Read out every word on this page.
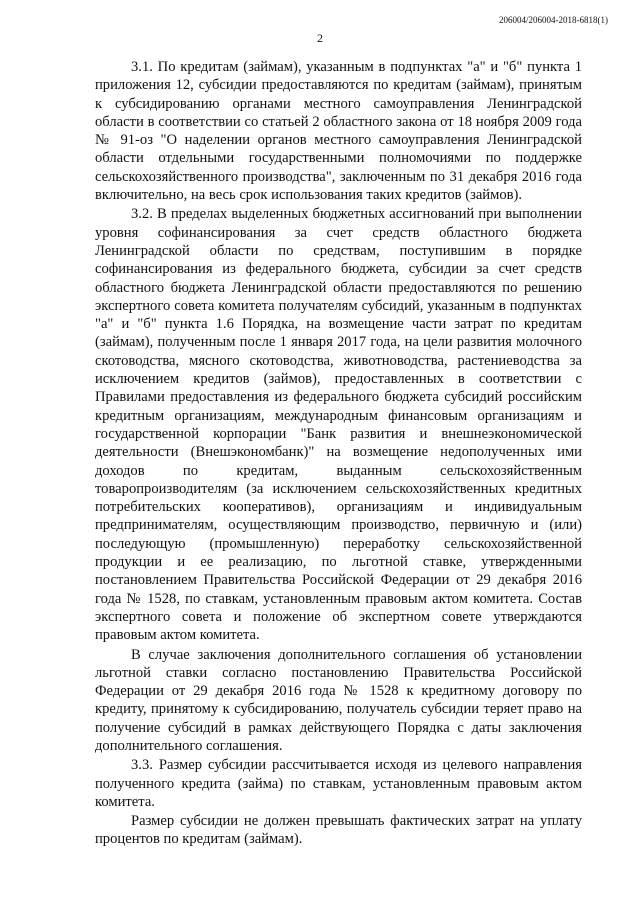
206004/206004-2018-6818(1)
2

3.1. По кредитам (займам), указанным в подпунктах "а" и "б" пункта 1 приложения 12, субсидии предоставляются по кредитам (займам), принятым к субсидированию органами местного самоуправления Ленинградской области в соответствии со статьей 2 областного закона от 18 ноября 2009 года № 91-оз "О наделении органов местного самоуправления Ленинградской области отдельными государственными полномочиями по поддержке сельскохозяйственного производства", заключенным по 31 декабря 2016 года включительно, на весь срок использования таких кредитов (займов).

3.2. В пределах выделенных бюджетных ассигнований при выполнении уровня софинансирования за счет средств областного бюджета Ленинградской области по средствам, поступившим в порядке софинансирования из федерального бюджета, субсидии за счет средств областного бюджета Ленинградской области предоставляются по решению экспертного совета комитета получателям субсидий, указанным в подпунктах "а" и "б" пункта 1.6 Порядка, на возмещение части затрат по кредитам (займам), полученным после 1 января 2017 года, на цели развития молочного скотоводства, мясного скотоводства, животноводства, растениеводства за исключением кредитов (займов), предоставленных в соответствии с Правилами предоставления из федерального бюджета субсидий российским кредитным организациям, международным финансовым организациям и государственной корпорации "Банк развития и внешнеэкономической деятельности (Внешэкономбанк)" на возмещение недополученных ими доходов по кредитам, выданным сельскохозяйственным товаропроизводителям (за исключением сельскохозяйственных кредитных потребительских кооперативов), организациям и индивидуальным предпринимателям, осуществляющим производство, первичную и (или) последующую (промышленную) переработку сельскохозяйственной продукции и ее реализацию, по льготной ставке, утвержденными постановлением Правительства Российской Федерации от 29 декабря 2016 года № 1528, по ставкам, установленным правовым актом комитета. Состав экспертного совета и положение об экспертном совете утверждаются правовым актом комитета.

В случае заключения дополнительного соглашения об установлении льготной ставки согласно постановлению Правительства Российской Федерации от 29 декабря 2016 года № 1528 к кредитному договору по кредиту, принятому к субсидированию, получатель субсидии теряет право на получение субсидий в рамках действующего Порядка с даты заключения дополнительного соглашения.

3.3. Размер субсидии рассчитывается исходя из целевого направления полученного кредита (займа) по ставкам, установленным правовым актом комитета.

Размер субсидии не должен превышать фактических затрат на уплату процентов по кредитам (займам).
